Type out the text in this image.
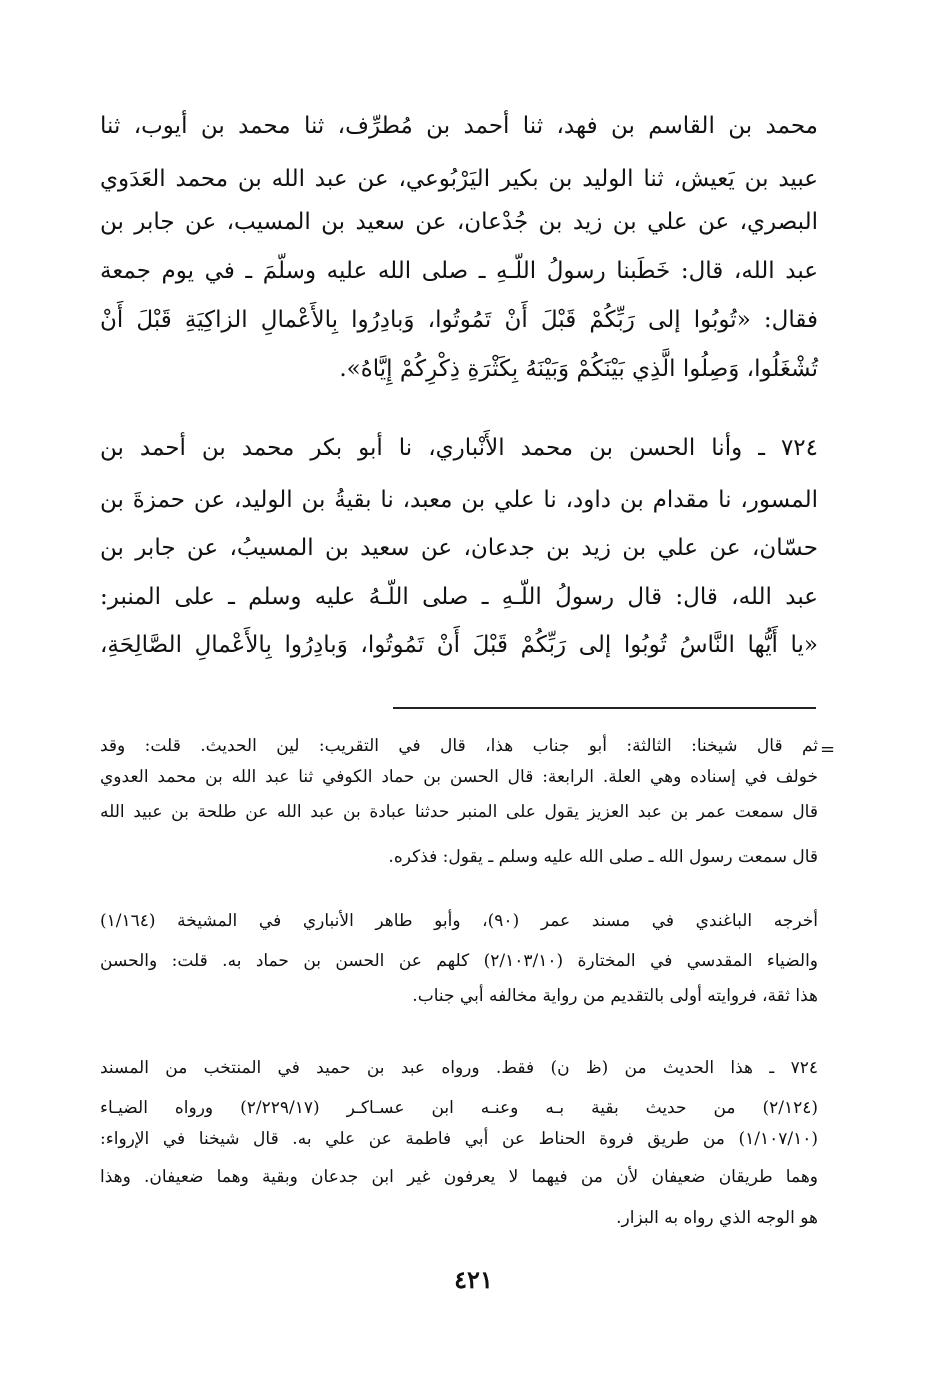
محمد بن القاسم بن فهد، ثنا أحمد بن مُطرِّف، ثنا محمد بن أيوب، ثنا
عبيد بن يَعيش، ثنا الوليد بن بكير اليَرْبُوعي، عن عبد الله بن محمد العَدَوي
البصري، عن علي بن زيد بن جُدْعان، عن سعيد بن المسيب، عن جابر بن
عبد الله، قال: خَطَبنا رسولُ اللّـهِ ـ صلى الله عليه وسلّمَ ـ في يوم جمعة
فقال: «تُوبُوا إلى رَبِّكُمْ قَبْلَ أَنْ تَمُوتُوا، وَبادِرُوا بِالأَعْمالِ الزاكِيَةِ قَبْلَ أَنْ
تُشْغَلُوا، وَصِلُوا الَّذِي بَيْنَكُمْ وَبَيْنَهُ بِكَثْرَةِ ذِكْرِكُمْ إِيَّاهُ».
٧٢٤ ـ وأنا الحسن بن محمد الأَنْباري، نا أبو بكر محمد بن أحمد بن
المسور، نا مقدام بن داود، نا علي بن معبد، نا بقيةُ بن الوليد، عن حمزةَ بن
حسّان، عن علي بن زيد بن جدعان، عن سعيد بن المسيبُ، عن جابر بن
عبد الله، قال: قال رسولُ اللّـهِ ـ صلى اللّـهُ عليه وسلم ـ على المنبر:
«يا أَيُّها النَّاسُ تُوبُوا إلى رَبِّكُمْ قَبْلَ أَنْ تَمُوتُوا، وَبادِرُوا بِالأَعْمالِ الصَّالِحَةِ،
=
ثم قال شيخنا: الثالثة: أبو جناب هذا، قال في التقريب: لين الحديث. قلت: وقد
خولف في إسناده وهي العلة. الرابعة: قال الحسن بن حماد الكوفي ثنا عبد الله بن محمد العدوي
قال سمعت عمر بن عبد العزيز يقول على المنبر حدثنا عبادة بن عبد الله عن طلحة بن عبيد الله
قال سمعت رسول الله ـ صلى الله عليه وسلم ـ يقول: فذكره.
أخرجه الباغندي في مسند عمر (٩٠)، وأبو طاهر الأنباري في المشيخة (١/١٦٤)
والضياء المقدسي في المختارة (٢/١٠٣/١٠) كلهم عن الحسن بن حماد به. قلت: والحسن
هذا ثقة، فروايته أولى بالتقديم من رواية مخالفه أبي جناب.
٧٢٤ ـ هذا الحديث من (ظ ن) فقط. ورواه عبد بن حميد في المنتخب من المسند
(٢/١٢٤) من حديث بقية بـه وعنـه ابن عسـاكـر (٢/٢٢٩/١٧) ورواه الضيـاء
(١/١٠٧/١٠) من طريق فروة الحناط عن أبي فاطمة عن علي به. قال شيخنا في الإرواء:
وهما طريقان ضعيفان لأن من فيهما لا يعرفون غير ابن جدعان وبقية وهما ضعيفان. وهذا
هو الوجه الذي رواه به البزار.
٤٢١
